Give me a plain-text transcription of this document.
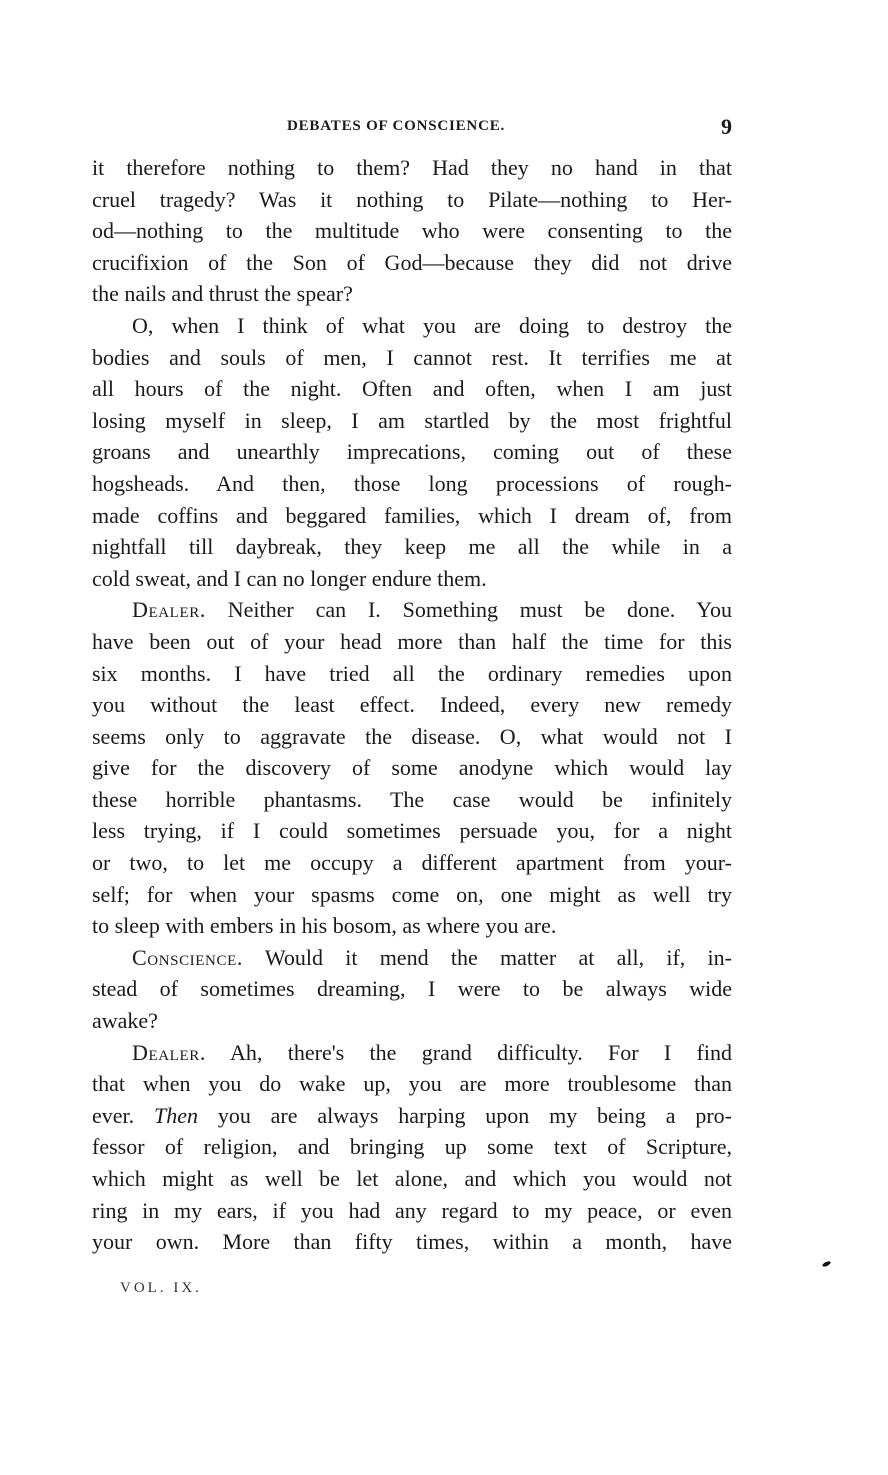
DEBATES OF CONSCIENCE.	9
it therefore nothing to them? Had they no hand in that
cruel tragedy? Was it nothing to Pilate—nothing to Her-
od—nothing to the multitude who were consenting to the
crucifixion of the Son of God—because they did not drive
the nails and thrust the spear?
O, when I think of what you are doing to destroy the
bodies and souls of men, I cannot rest. It terrifies me at
all hours of the night. Often and often, when I am just
losing myself in sleep, I am startled by the most frightful
groans and unearthly imprecations, coming out of these
hogsheads. And then, those long processions of rough-
made coffins and beggared families, which I dream of, from
nightfall till daybreak, they keep me all the while in a
cold sweat, and I can no longer endure them.
Dealer. Neither can I. Something must be done. You
have been out of your head more than half the time for this
six months. I have tried all the ordinary remedies upon
you without the least effect. Indeed, every new remedy
seems only to aggravate the disease. O, what would not I
give for the discovery of some anodyne which would lay
these horrible phantasms. The case would be infinitely
less trying, if I could sometimes persuade you, for a night
or two, to let me occupy a different apartment from your-
self; for when your spasms come on, one might as well try
to sleep with embers in his bosom, as where you are.
Conscience. Would it mend the matter at all, if, in-
stead of sometimes dreaming, I were to be always wide
awake?
Dealer. Ah, there's the grand difficulty. For I find
that when you do wake up, you are more troublesome than
ever. Then you are always harping upon my being a pro-
fessor of religion, and bringing up some text of Scripture,
which might as well be let alone, and which you would not
ring in my ears, if you had any regard to my peace, or even
your own. More than fifty times, within a month, have
VOL. IX.
